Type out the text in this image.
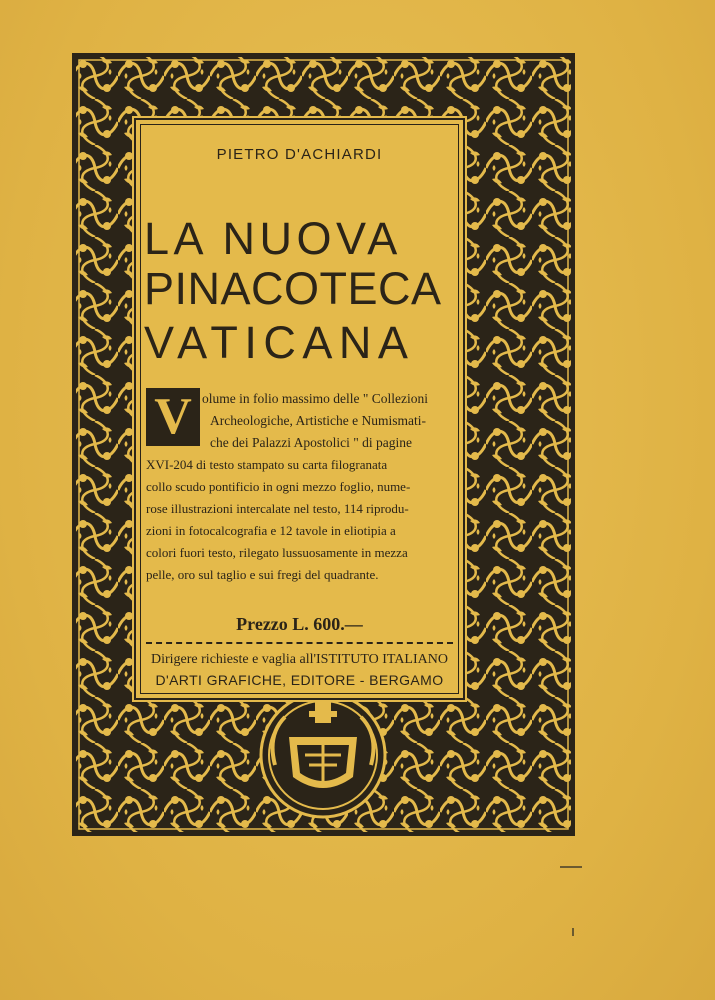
PIETRO D'ACHIARDI
LA NUOVA
PINACOTECA
VATICANA
V olume in folio massimo delle " Collezioni
Archeologiche, Artistiche e Numismati-
che dei Palazzi Apostolici " di pagine
XVI-204 di testo stampato su carta filogranata
collo scudo pontificio in ogni mezzo foglio, nume-
rose illustrazioni intercalate nel testo, 114 riprodu-
zioni in fotocalcografia e 12 tavole in eliotipia a
colori fuori testo, rilegato lussuosamente in mezza
pelle, oro sul taglio e sui fregi del quadrante.
Prezzo L. 600.—
Dirigere richieste e vaglia all'ISTITUTO ITALIANO
D'ARTI GRAFICHE, EDITORE - BERGAMO
